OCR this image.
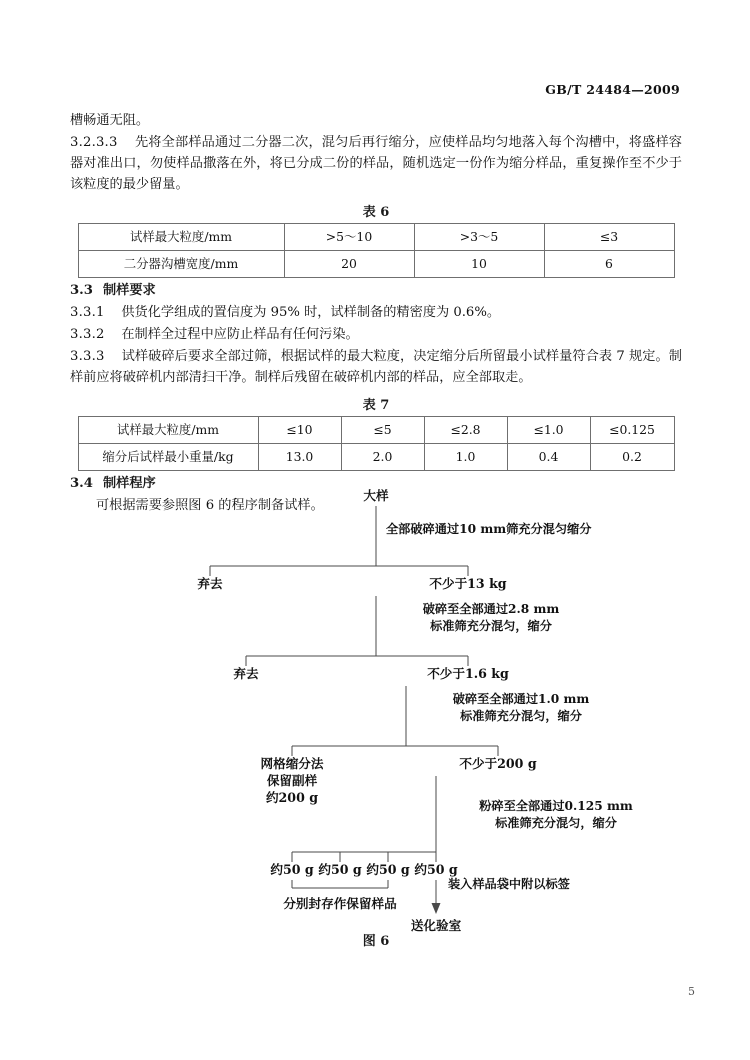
GB/T 24484—2009

槽畅通无阻。

3.2.3.3 先将全部样品通过二分器二次，混匀后再行缩分，应使样品均匀地落入每个沟槽中，将盛样容器对准出口，勿使样品撒落在外，将已分成二份的样品，随机选定一份作为缩分样品，重复操作至不少于该粒度的最少留量。

表 6
试样最大粒度/mm	>5～10	>3～5	≤3
二分器沟槽宽度/mm	20	10	6
3.3 制样要求

3.3.1 供货化学组成的置信度为 95% 时，试样制备的精密度为 0.6%。

3.3.2 在制样全过程中应防止样品有任何污染。

3.3.3 试样破碎后要求全部过筛，根据试样的最大粒度，决定缩分后所留最小试样量符合表 7 规定。制样前应将破碎机内部清扫干净。制样后残留在破碎机内部的样品，应全部取走。

表 7
试样最大粒度/mm	≤10	≤5	≤2.8	≤1.0	≤0.125
缩分后试样最小重量/kg	13.0	2.0	1.0	0.4	0.2
3.4 制样程序

可根据需要参照图 6 的程序制备试样。

大样
全部破碎通过10 mm筛充分混匀缩分
弃去	不少于13 kg
破碎至全部通过2.8 mm
标准筛充分混匀，缩分
弃去	不少于1.6 kg
破碎至全部通过1.0 mm
标准筛充分混匀，缩分
网格缩分法
保留副样
约200 g
不少于200 g
粉碎至全部通过0.125 mm
标准筛充分混匀，缩分
约50 g 约50 g 约50 g 约50 g
装入样品袋中附以标签
分别封存作保留样品
送化验室
图 6
5
